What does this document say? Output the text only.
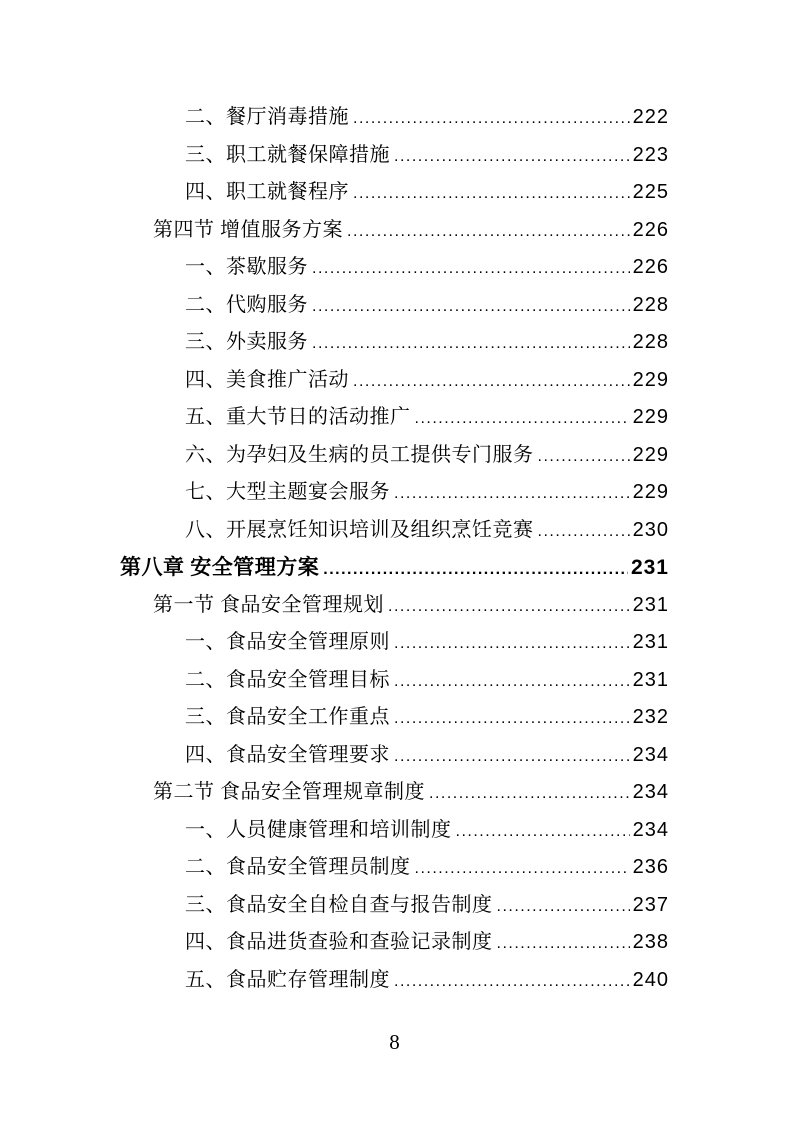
二、餐厅消毒措施 .....	222
三、职工就餐保障措施 .....	223
四、职工就餐程序 .....	225
第四节 增值服务方案 .....	226
一、茶歇服务 .....	226
二、代购服务 .....	228
三、外卖服务 .....	228
四、美食推广活动 .....	229
五、重大节日的活动推广 .....	229
六、为孕妇及生病的员工提供专门服务 .....	229
七、大型主题宴会服务 .....	229
八、开展烹饪知识培训及组织烹饪竞赛 .....	230
第八章 安全管理方案 .....	231
第一节 食品安全管理规划 .....	231
一、食品安全管理原则 .....	231
二、食品安全管理目标 .....	231
三、食品安全工作重点 .....	232
四、食品安全管理要求 .....	234
第二节 食品安全管理规章制度 .....	234
一、人员健康管理和培训制度 .....	234
二、食品安全管理员制度 .....	236
三、食品安全自检自查与报告制度 .....	237
四、食品进货查验和查验记录制度 .....	238
五、食品贮存管理制度 .....	240
8
